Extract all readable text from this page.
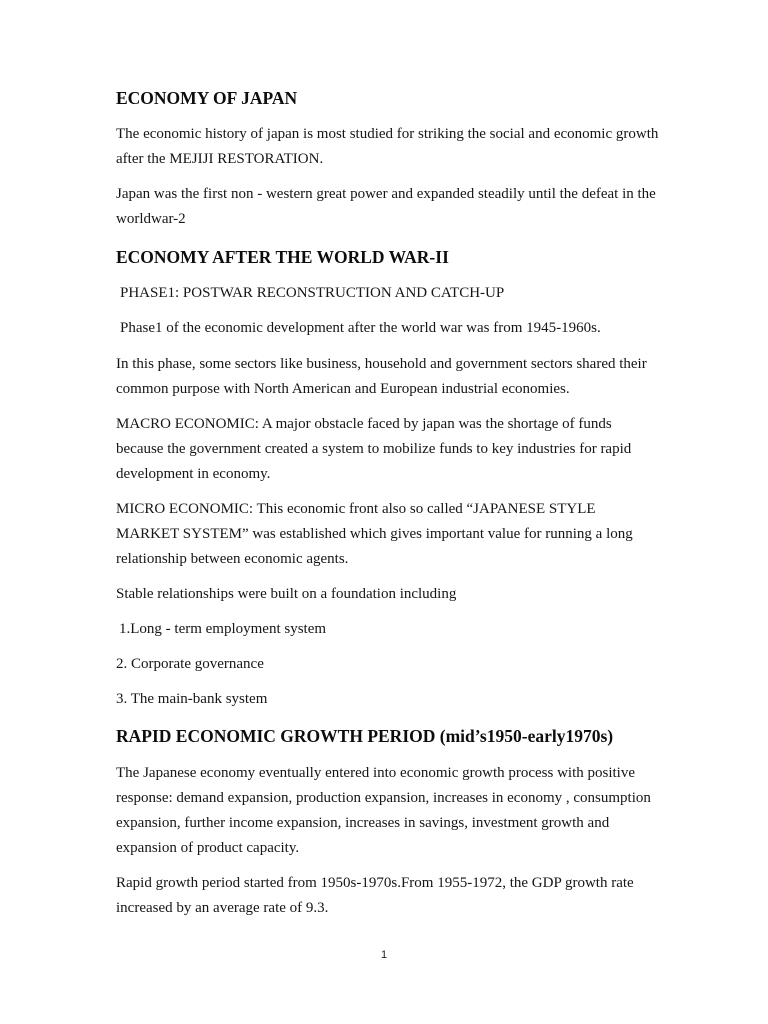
ECONOMY OF JAPAN

The economic history of japan is most studied for striking the social and economic growth after the MEJIJI RESTORATION.

Japan was the first non - western great power and expanded steadily until the defeat in the worldwar-2

ECONOMY AFTER THE WORLD WAR-II

PHASE1: POSTWAR RECONSTRUCTION AND CATCH-UP

Phase1 of the economic development after the world war was from 1945-1960s.

In this phase, some sectors like business, household and government sectors shared their common purpose with North American and European industrial economies.

MACRO ECONOMIC: A major obstacle faced by japan was the shortage of funds because the government created a system to mobilize funds to key industries for rapid development in economy.

MICRO ECONOMIC: This economic front also so called “JAPANESE STYLE MARKET SYSTEM” was established which gives important value for running a long relationship between economic agents.

Stable relationships were built on a foundation including

1.Long - term employment system

2. Corporate governance

3. The main-bank system

RAPID ECONOMIC GROWTH PERIOD (mid’s1950-early1970s)

The Japanese economy eventually entered into economic growth process with positive response: demand expansion, production expansion, increases in economy , consumption expansion, further income expansion, increases in savings, investment growth and expansion of product capacity.

Rapid growth period started from 1950s-1970s.From 1955-1972, the GDP growth rate increased by an average rate of 9.3.

1
